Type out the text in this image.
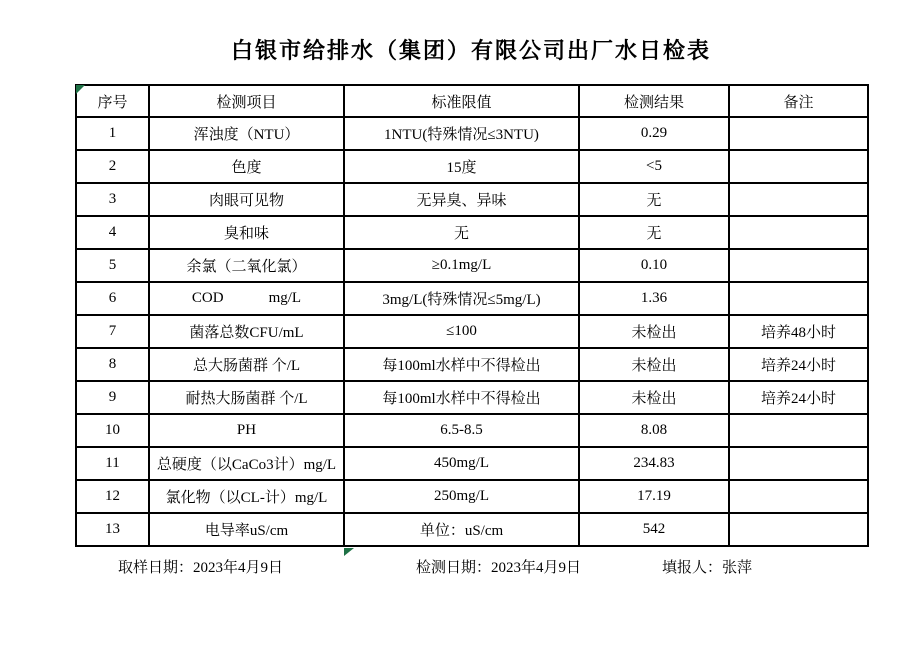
白银市给排水（集团）有限公司出厂水日检表
序号	检测项目	标准限值	检测结果	备注
1	浑浊度（NTU）	1NTU(特殊情况≤3NTU)	0.29	
2	色度	15度	<5	
3	肉眼可见物	无异臭、异味	无	
4	臭和味	无	无	
5	余氯（二氧化氯）	≥0.1mg/L	0.10	
6	COD            mg/L	3mg/L(特殊情况≤5mg/L)	1.36	
7	菌落总数CFU/mL	≤100	未检出	培养48小时
8	总大肠菌群 个/L	每100ml水样中不得检出	未检出	培养24小时
9	耐热大肠菌群 个/L	每100ml水样中不得检出	未检出	培养24小时
10	PH	6.5-8.5	8.08	
11	总硬度（以CaCo3计）mg/L	450mg/L	234.83	
12	氯化物（以CL-计）mg/L	250mg/L	17.19	
13	电导率uS/cm	单位：uS/cm	542	
取样日期：2023年4月9日	检测日期：2023年4月9日	填报人：张萍
